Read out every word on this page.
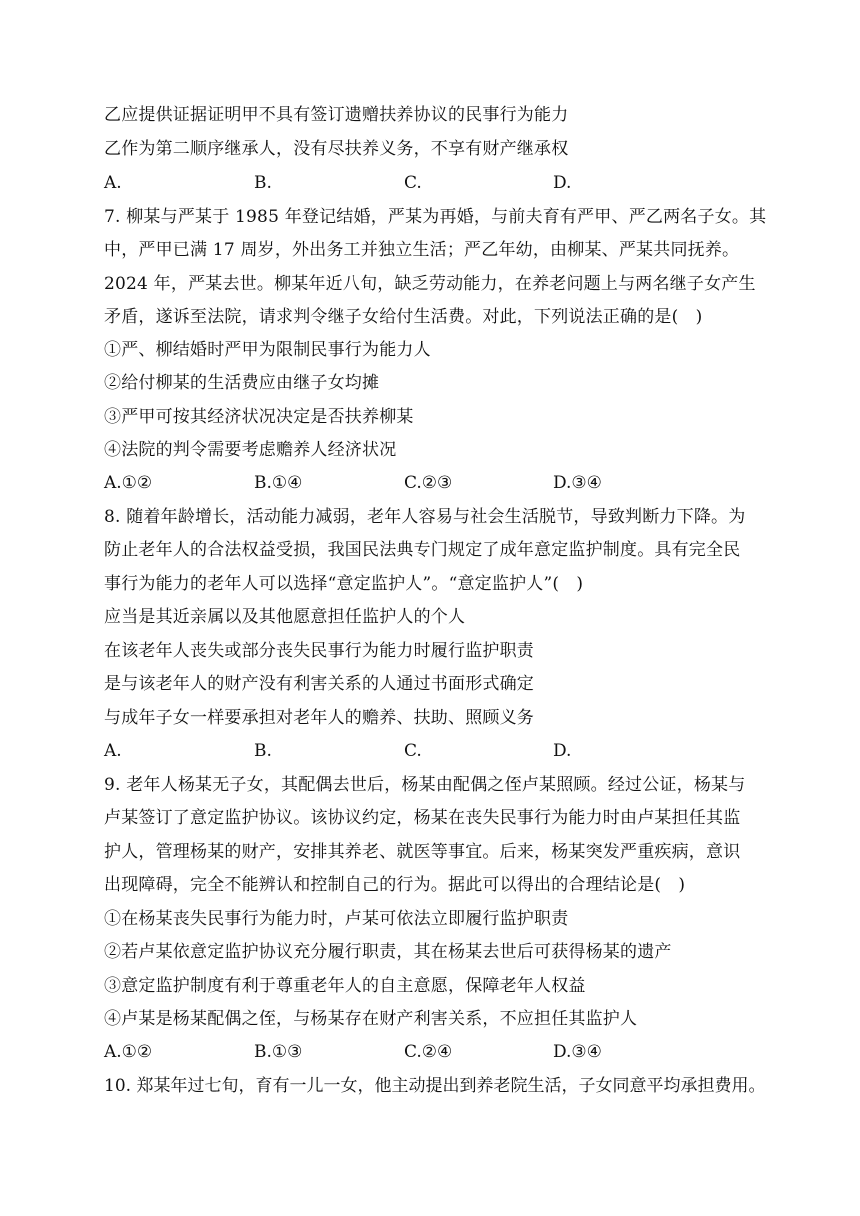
乙应提供证据证明甲不具有签订遗赠扶养协议的民事行为能力
乙作为第二顺序继承人，没有尽扶养义务，不享有财产继承权
A.	B.	C.	D.
7. 柳某与严某于 1985 年登记结婚，严某为再婚，与前夫育有严甲、严乙两名子女。其
中，严甲已满 17 周岁，外出务工并独立生活；严乙年幼，由柳某、严某共同抚养。
2024 年，严某去世。柳某年近八旬，缺乏劳动能力，在养老问题上与两名继子女产生
矛盾，遂诉至法院，请求判令继子女给付生活费。对此，下列说法正确的是(　)
①严、柳结婚时严甲为限制民事行为能力人
②给付柳某的生活费应由继子女均摊
③严甲可按其经济状况决定是否扶养柳某
④法院的判令需要考虑赡养人经济状况
A.①②	B.①④	C.②③	D.③④
8. 随着年龄增长，活动能力减弱，老年人容易与社会生活脱节，导致判断力下降。为
防止老年人的合法权益受损，我国民法典专门规定了成年意定监护制度。具有完全民
事行为能力的老年人可以选择“意定监护人”。“意定监护人”(　)
应当是其近亲属以及其他愿意担任监护人的个人
在该老年人丧失或部分丧失民事行为能力时履行监护职责
是与该老年人的财产没有利害关系的人通过书面形式确定
与成年子女一样要承担对老年人的赡养、扶助、照顾义务
A.	B.	C.	D.
9. 老年人杨某无子女，其配偶去世后，杨某由配偶之侄卢某照顾。经过公证，杨某与
卢某签订了意定监护协议。该协议约定，杨某在丧失民事行为能力时由卢某担任其监
护人，管理杨某的财产，安排其养老、就医等事宜。后来，杨某突发严重疾病，意识
出现障碍，完全不能辨认和控制自己的行为。据此可以得出的合理结论是(　)
①在杨某丧失民事行为能力时，卢某可依法立即履行监护职责
②若卢某依意定监护协议充分履行职责，其在杨某去世后可获得杨某的遗产
③意定监护制度有利于尊重老年人的自主意愿，保障老年人权益
④卢某是杨某配偶之侄，与杨某存在财产利害关系，不应担任其监护人
A.①②	B.①③	C.②④	D.③④
10. 郑某年过七旬，育有一儿一女，他主动提出到养老院生活，子女同意平均承担费用。
